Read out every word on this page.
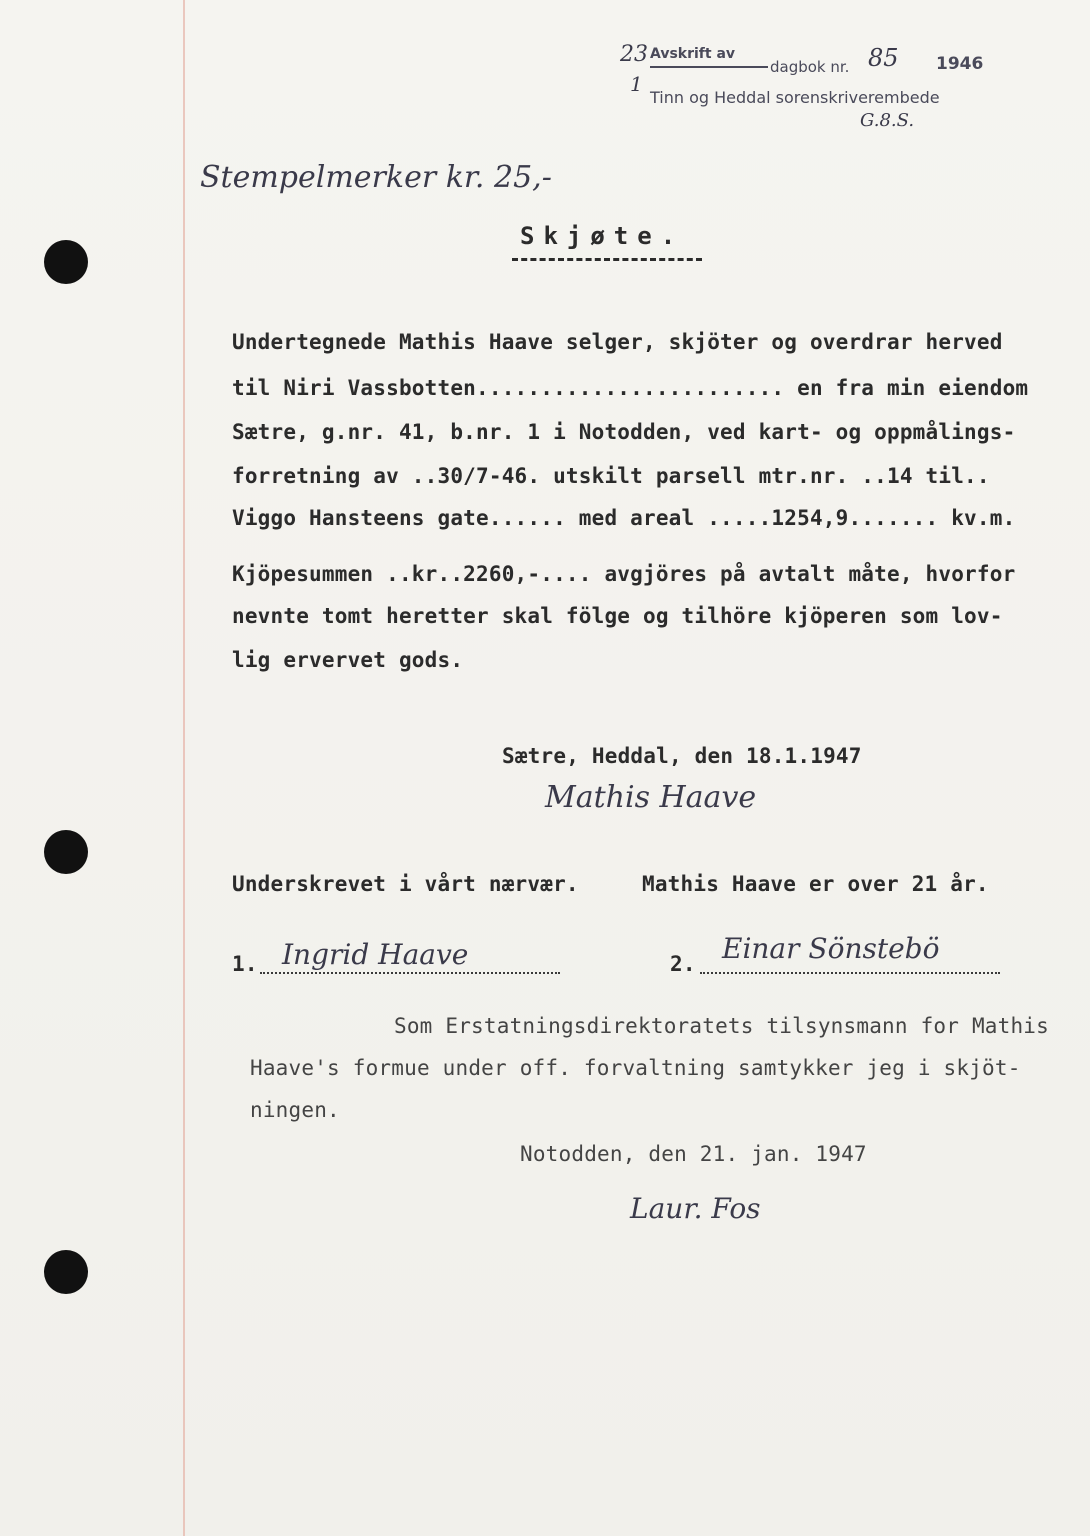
23
1
Avskrift av
dagbok nr. 85 1946
Tinn og Heddal sorenskriverembede
G.8.S.
Stempelmerker kr. 25,-
Skjøte.
Undertegnede Mathis Haave selger, skjöter og overdrar herved
til Niri Vassbotten........................ en fra min eiendom
Sætre, g.nr. 41, b.nr. 1 i Notodden, ved kart- og oppmålings-
forretning av ..30/7-46. utskilt parsell mtr.nr. ..14 til..
Viggo Hansteens gate...... med areal .....1254,9....... kv.m.
Kjöpesummen ..kr..2260,-.... avgjöres på avtalt måte, hvorfor
nevnte tomt heretter skal fölge og tilhöre kjöperen som lov-
lig ervervet gods.
Sætre, Heddal, den 18.1.1947
Mathis Haave
Underskrevet i vårt nærvær.	Mathis Haave er over 21 år.
1. Ingrid Haave	2. Einar Sönstebö
Som Erstatningsdirektoratets tilsynsmann for Mathis
Haave's formue under off. forvaltning samtykker jeg i skjöt-
ningen.
Notodden, den 21. jan. 1947
Laur. Fos
